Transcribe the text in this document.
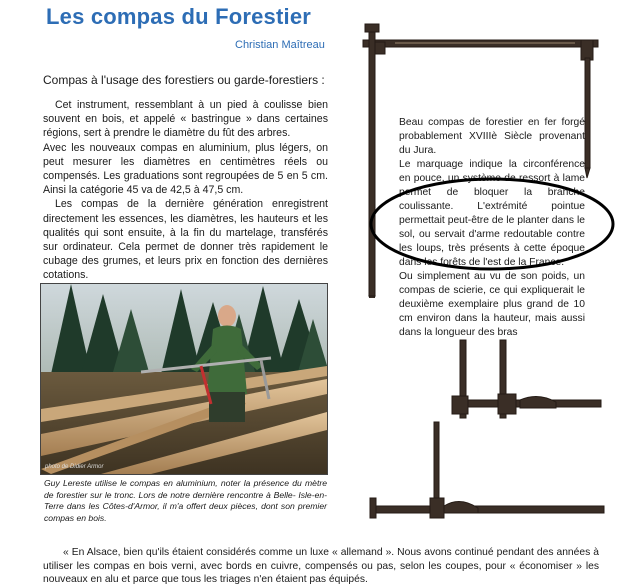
Les compas du Forestier
Christian Maîtreau
Compas à l'usage des forestiers ou garde-forestiers :

Cet instrument, ressemblant à un pied à coulisse bien souvent en bois, et appelé « bastringue » dans certaines régions, sert à prendre le diamètre du fût des arbres.

Avec les nouveaux compas en aluminium, plus légers, on peut mesurer les diamètres en centimètres réels ou compensés. Les graduations sont regroupées de 5 en 5 cm. Ainsi la catégorie 45 va de 42,5 à 47,5 cm.

Les compas de la dernière génération enregistrent directement les essences, les diamètres, les hauteurs et les qualités qui sont ensuite, à la fin du martelage, transférés sur ordinateur. Cela permet de donner très rapidement le cubage des grumes, et leurs prix en fonction des dernières cotations.

photo de Didier Armor
Guy Lereste utilise le compas en aluminium, noter la présence du mètre de forestier sur le tronc. Lors de notre dernière rencontre à Belle- Isle-en-Terre dans les Côtes-d'Armor, il m'a offert deux pièces, dont son premier compas en bois.

Beau compas de forestier en fer forgé probablement XVIIIè Siècle provenant du Jura.

Le marquage indique la circonférence en pouce, un système de ressort à lame permet de bloquer la branche coulissante. L'extrémité pointue permettait peut-être de le planter dans le sol, ou servait d'arme redoutable contre les loups, très présents à cette époque dans les forêts de l'est de la France.

Ou simplement au vu de son poids, un compas de scierie, ce qui expliquerait le deuxième exemplaire plus grand de 10 cm environ dans la hauteur, mais aussi dans la longueur des bras

« En Alsace, bien qu'ils étaient considérés comme un luxe « allemand ». Nous avons continué pendant des années à utiliser les compas en bois verni, avec bords en cuivre, compensés ou pas, selon les coupes, pour « économiser » les nouveaux en alu et parce que tous les triages n'en étaient pas équipés.
